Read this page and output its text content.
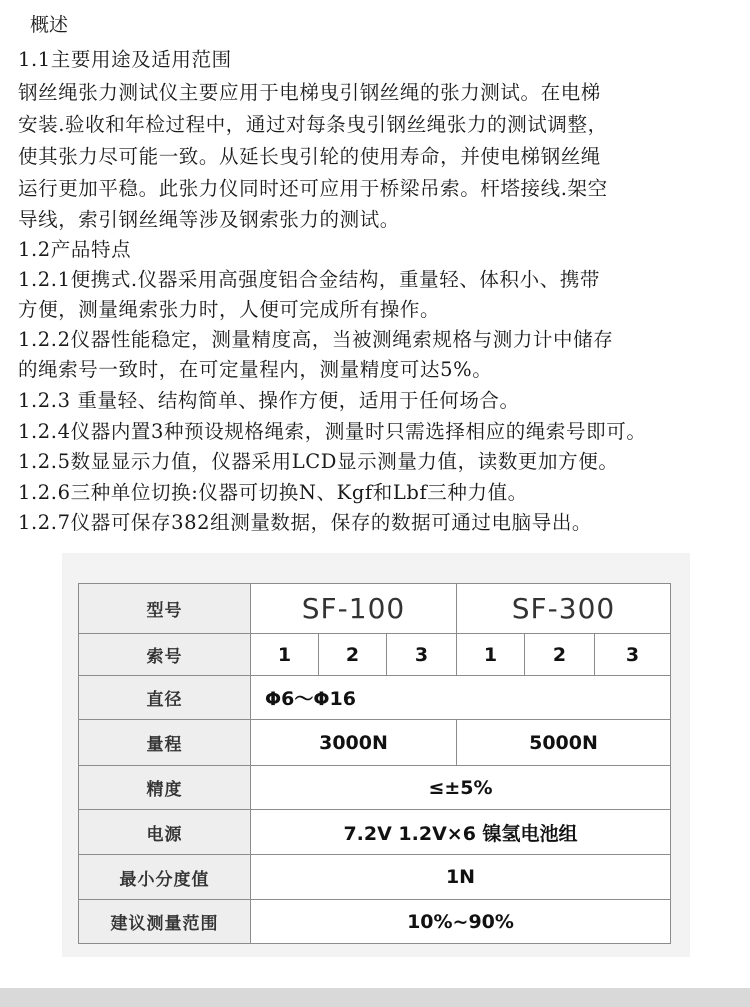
概述
1.1主要用途及适用范围
钢丝绳张力测试仪主要应用于电梯曳引钢丝绳的张力测试。在电梯
安装.验收和年检过程中，通过对每条曳引钢丝绳张力的测试调整，
使其张力尽可能一致。从延长曳引轮的使用寿命，并使电梯钢丝绳
运行更加平稳。此张力仪同时还可应用于桥梁吊索。杆塔接线.架空
导线，索引钢丝绳等涉及钢索张力的测试。
1.2产品特点
1.2.1便携式.仪器采用高强度铝合金结构，重量轻、体积小、携带
方便，测量绳索张力时，人便可完成所有操作。
1.2.2仪器性能稳定，测量精度高，当被测绳索规格与测力计中储存
的绳索号一致时，在可定量程内，测量精度可达5%。
1.2.3 重量轻、结构简单、操作方便，适用于任何场合。
1.2.4仪器内置3种预设规格绳索，测量时只需选择相应的绳索号即可。
1.2.5数显显示力值，仪器采用LCD显示测量力值，读数更加方便。
1.2.6三种单位切换:仪器可切换N、Kgf和Lbf三种力值。
1.2.7仪器可保存382组测量数据，保存的数据可通过电脑导出。
型号	SF-100			SF-300		
索号	1	2	3	1	2	3
直径	Φ6～Φ16					
量程	3000N			5000N		
精度	≤±5%					
电源	7.2V 1.2V×6 镍氢电池组					
最小分度值	1N					
建议测量范围	10%~90%					
